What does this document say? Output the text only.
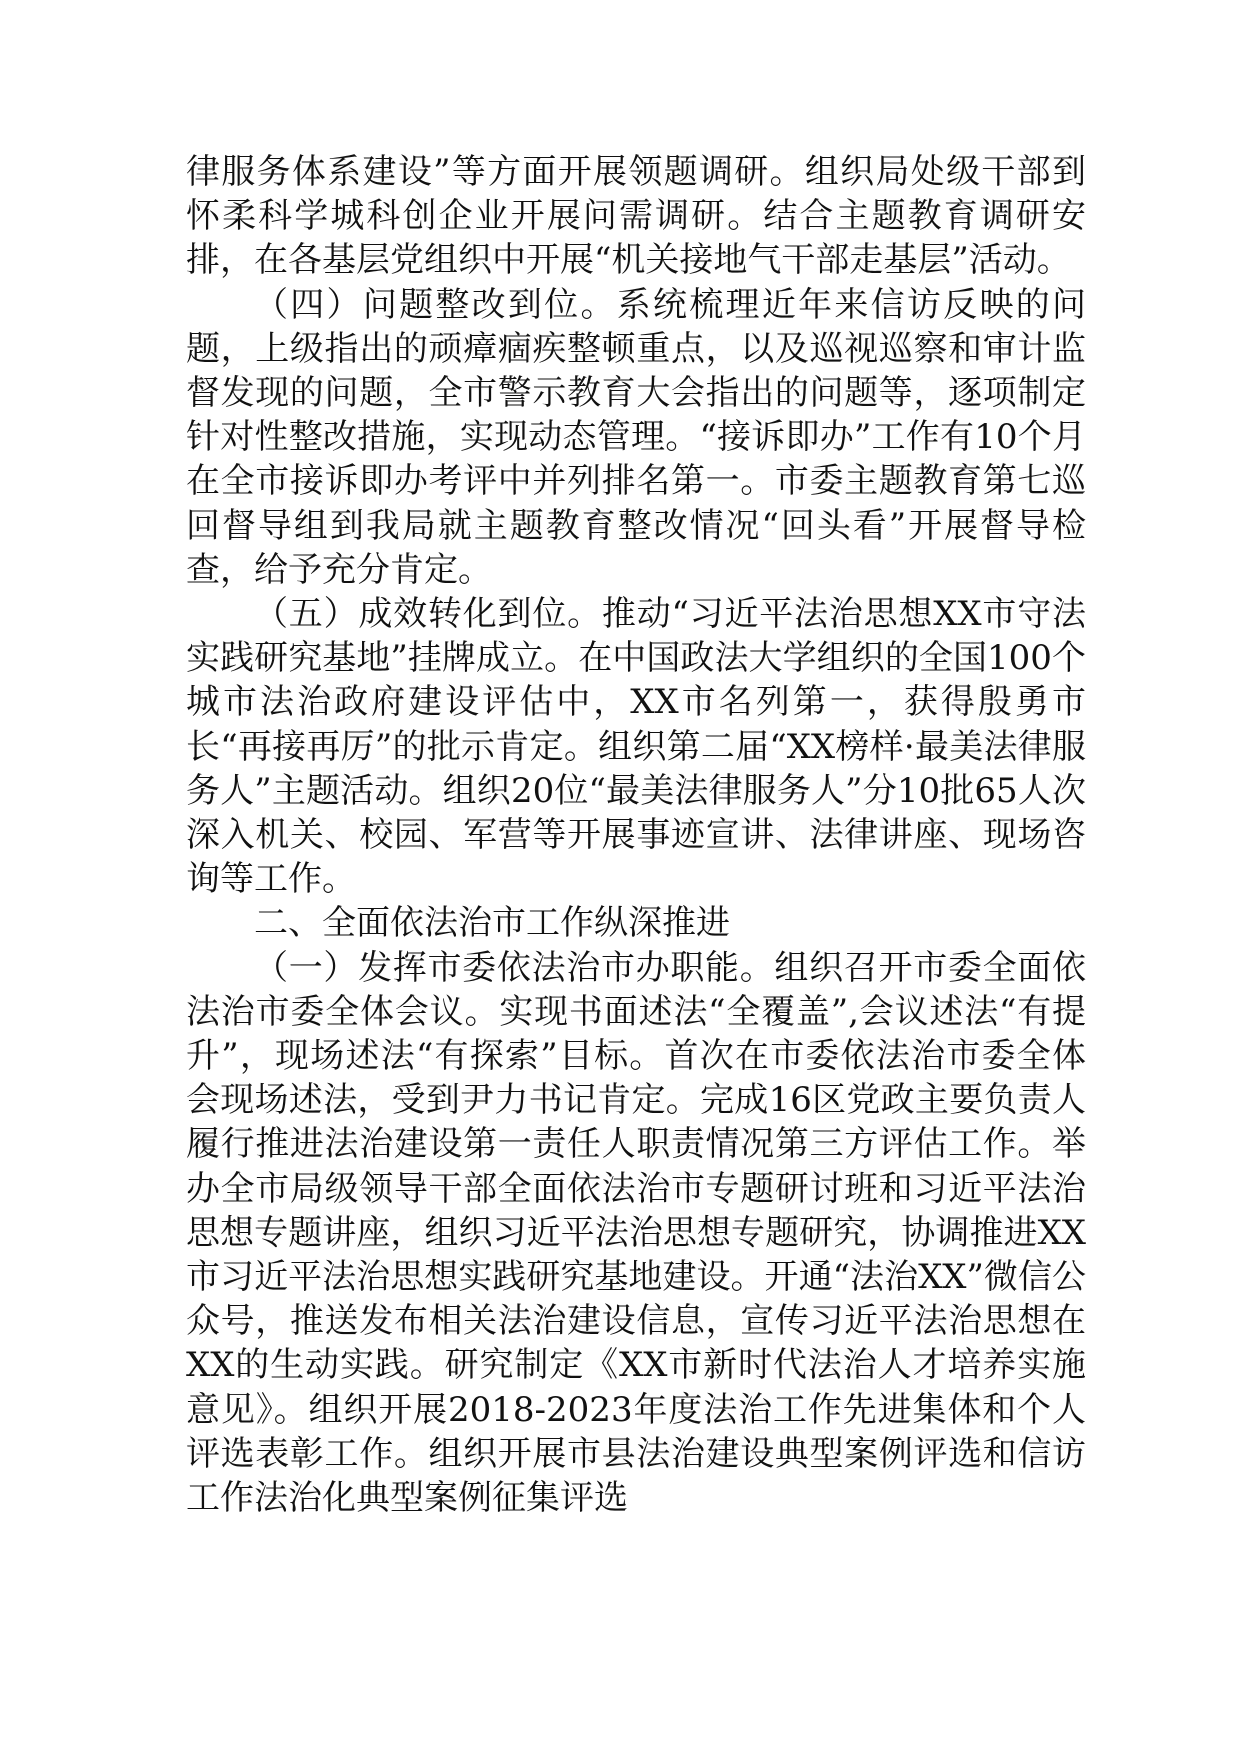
律服务体系建设”等方面开展领题调研。组织局处级干部到怀柔科学城科创企业开展问需调研。结合主题教育调研安排，在各基层党组织中开展“机关接地气干部走基层”活动。

（四）问题整改到位。系统梳理近年来信访反映的问题，上级指出的顽瘴痼疾整顿重点，以及巡视巡察和审计监督发现的问题，全市警示教育大会指出的问题等，逐项制定针对性整改措施，实现动态管理。“接诉即办”工作有10个月在全市接诉即办考评中并列排名第一。市委主题教育第七巡回督导组到我局就主题教育整改情况“回头看”开展督导检查，给予充分肯定。

（五）成效转化到位。推动“习近平法治思想XX市守法实践研究基地”挂牌成立。在中国政法大学组织的全国100个城市法治政府建设评估中，XX市名列第一，获得殷勇市长“再接再厉”的批示肯定。组织第二届“XX榜样·最美法律服务人”主题活动。组织20位“最美法律服务人”分10批65人次深入机关、校园、军营等开展事迹宣讲、法律讲座、现场咨询等工作。

二、全面依法治市工作纵深推进

（一）发挥市委依法治市办职能。组织召开市委全面依法治市委全体会议。实现书面述法“全覆盖”,会议述法“有提升”，现场述法“有探索”目标。首次在市委依法治市委全体会现场述法，受到尹力书记肯定。完成16区党政主要负责人履行推进法治建设第一责任人职责情况第三方评估工作。举办全市局级领导干部全面依法治市专题研讨班和习近平法治思想专题讲座，组织习近平法治思想专题研究，协调推进XX市习近平法治思想实践研究基地建设。开通“法治XX”微信公众号，推送发布相关法治建设信息，宣传习近平法治思想在XX的生动实践。研究制定《XX市新时代法治人才培养实施意见》。组织开展2018-2023年度法治工作先进集体和个人评选表彰工作。组织开展市县法治建设典型案例评选和信访工作法治化典型案例征集评选
